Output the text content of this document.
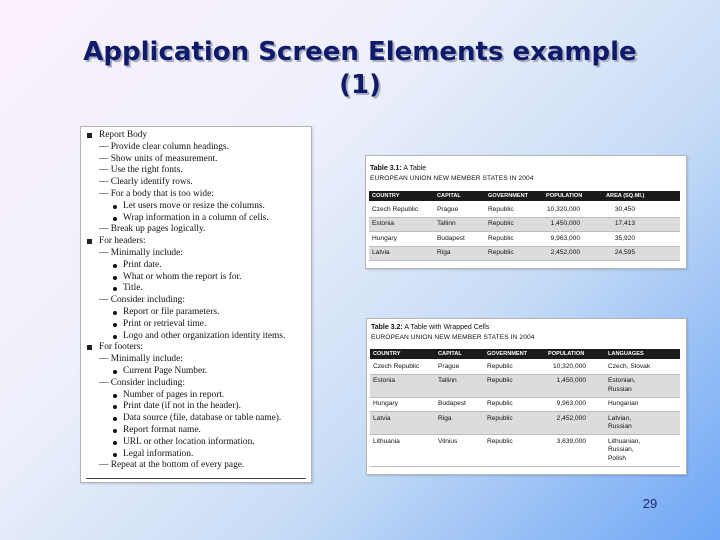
Application Screen Elements example
(1)
Report Body
— Provide clear column headings.
— Show units of measurement.
— Use the right fonts.
— Clearly identify rows.
— For a body that is too wide:
Let users move or resize the columns.
Wrap information in a column of cells.
— Break up pages logically.
For headers:
— Minimally include:
Print date.
What or whom the report is for.
Title.
— Consider including:
Report or file parameters.
Print or retrieval time.
Logo and other organization identity items.
For footers:
— Minimally include:
Current Page Number.
— Consider including:
Number of pages in report.
Print date (if not in the header).
Data source (file, database or table name).
Report format name.
URL or other location information.
Legal information.
— Repeat at the bottom of every page.
Table 3.1: A Table
EUROPEAN UNION NEW MEMBER STATES IN 2004
COUNTRY	CAPITAL	GOVERNMENT	POPULATION	AREA (SQ.MI.)
Czech Republic	Prague	Republic	10,320,000	30,450
Estonia	Tallinn	Republic	1,450,000	17,413
Hungary	Budapest	Republic	9,963,000	35,920
Latvia	Riga	Republic	2,452,000	24,595
Table 3.2: A Table with Wrapped Cells
EUROPEAN UNION NEW MEMBER STATES IN 2004
COUNTRY	CAPITAL	GOVERNMENT	POPULATION	LANGUAGES
Czech Republic	Prague	Republic	10,320,000	Czech, Slovak
Estonia	Tallinn	Republic	1,450,000	Estonian,
Russian
Hungary	Budapest	Republic	9,963,000	Hungarian
Latvia	Riga	Republic	2,452,000	Latvian,
Russian
Lithuania	Vilnius	Republic	3,639,000	Lithuanian,
Russian,
Polish
29
